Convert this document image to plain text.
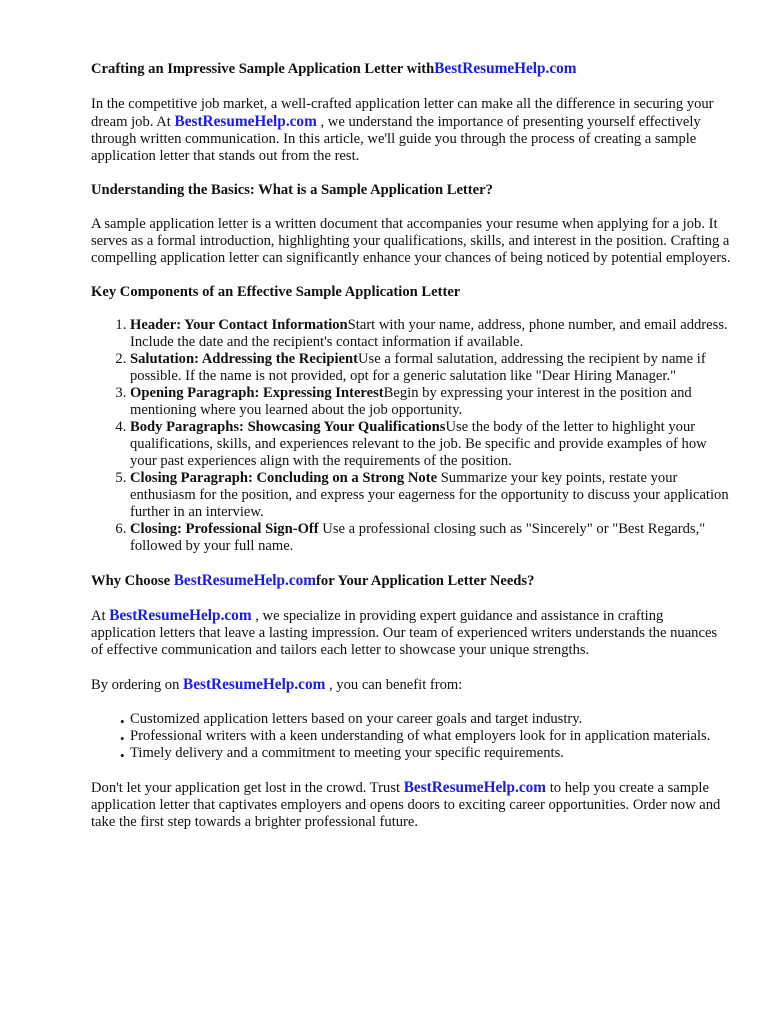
Crafting an Impressive Sample Application Letter withBestResumeHelp.com

In the competitive job market, a well-crafted application letter can make all the difference in securing your dream job. At BestResumeHelp.com , we understand the importance of presenting yourself effectively through written communication. In this article, we'll guide you through the process of creating a sample application letter that stands out from the rest.

Understanding the Basics: What is a Sample Application Letter?

A sample application letter is a written document that accompanies your resume when applying for a job. It serves as a formal introduction, highlighting your qualifications, skills, and interest in the position. Crafting a compelling application letter can significantly enhance your chances of being noticed by potential employers.

Key Components of an Effective Sample Application Letter

1. Header: Your Contact InformationStart with your name, address, phone number, and email address. Include the date and the recipient's contact information if available.
2. Salutation: Addressing the RecipientUse a formal salutation, addressing the recipient by name if possible. If the name is not provided, opt for a generic salutation like "Dear Hiring Manager."
3. Opening Paragraph: Expressing InterestBegin by expressing your interest in the position and mentioning where you learned about the job opportunity.
4. Body Paragraphs: Showcasing Your QualificationsUse the body of the letter to highlight your qualifications, skills, and experiences relevant to the job. Be specific and provide examples of how your past experiences align with the requirements of the position.
5. Closing Paragraph: Concluding on a Strong Note Summarize your key points, restate your enthusiasm for the position, and express your eagerness for the opportunity to discuss your application further in an interview.
6. Closing: Professional Sign-Off Use a professional closing such as "Sincerely" or "Best Regards," followed by your full name.

Why Choose BestResumeHelp.comfor Your Application Letter Needs?

At BestResumeHelp.com , we specialize in providing expert guidance and assistance in crafting application letters that leave a lasting impression. Our team of experienced writers understands the nuances of effective communication and tailors each letter to showcase your unique strengths.

By ordering on BestResumeHelp.com , you can benefit from:

• Customized application letters based on your career goals and target industry.
• Professional writers with a keen understanding of what employers look for in application materials.
• Timely delivery and a commitment to meeting your specific requirements.

Don't let your application get lost in the crowd. Trust BestResumeHelp.com to help you create a sample application letter that captivates employers and opens doors to exciting career opportunities. Order now and take the first step towards a brighter professional future.
